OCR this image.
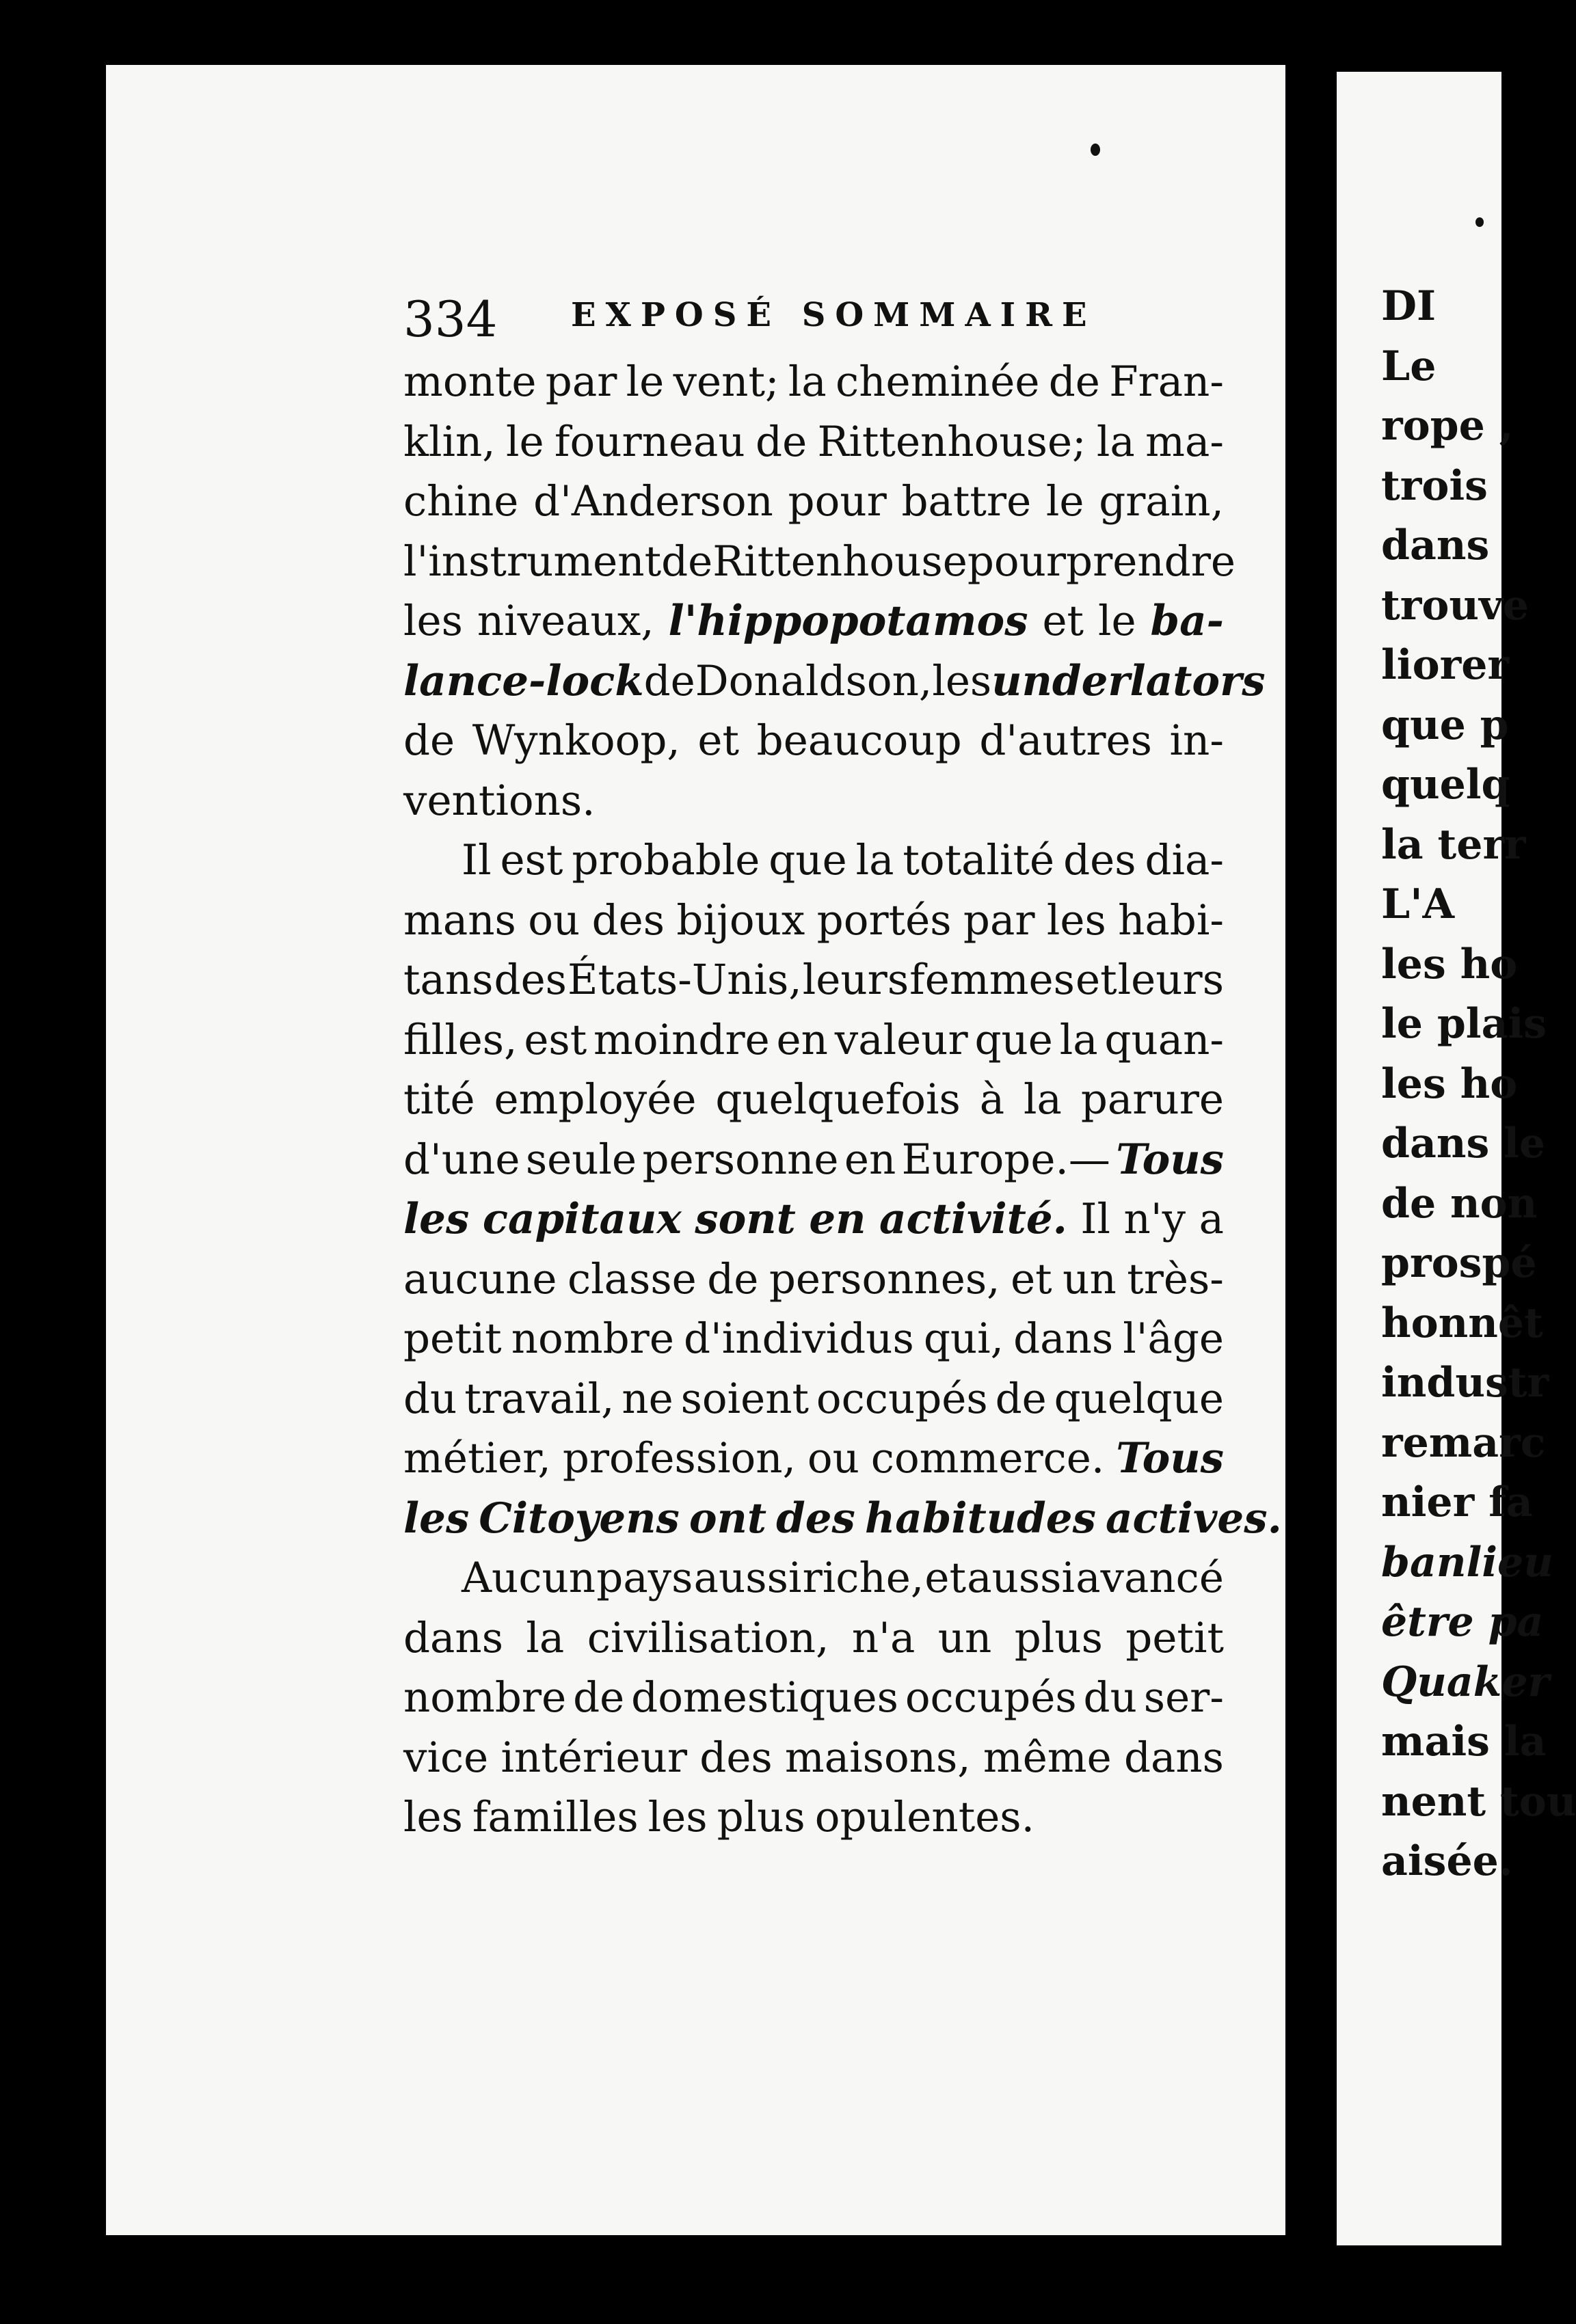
334 EXPOSÉ SOMMAIRE
monte par le vent; la cheminée de Fran-
klin, le fourneau de Rittenhouse; la ma-
chine d'Anderson pour battre le grain,
l'instrument de Rittenhouse pour prendre
les niveaux, l'hippopotamos et le ba-
lance-lock de Donaldson, les underlators
de Wynkoop, et beaucoup d'autres in-
ventions.
Il est probable que la totalité des dia-
mans ou des bijoux portés par les habi-
tans des États-Unis, leurs femmes et leurs
filles, est moindre en valeur que la quan-
tité employée quelquefois à la parure
d'une seule personne en Europe.— Tous
les capitaux sont en activité. Il n'y a
aucune classe de personnes, et un très-
petit nombre d'individus qui, dans l'âge
du travail, ne soient occupés de quelque
métier, profession, ou commerce. Tous
les Citoyens ont des habitudes actives.
Aucun pays aussi riche, et aussi avancé
dans la civilisation, n'a un plus petit
nombre de domestiques occupés du ser-
vice intérieur des maisons, même dans
les familles les plus opulentes.
DI
Le
rope ,
trois
dans
trouve
liorer
que p
quelq
la terr
L'A
les ho
le plais
les ho
dans le
de non
prospé
honnêt
industr
remarc
nier fa
banlieu
être pa
Quaker
mais la
nent tou
aisée.
